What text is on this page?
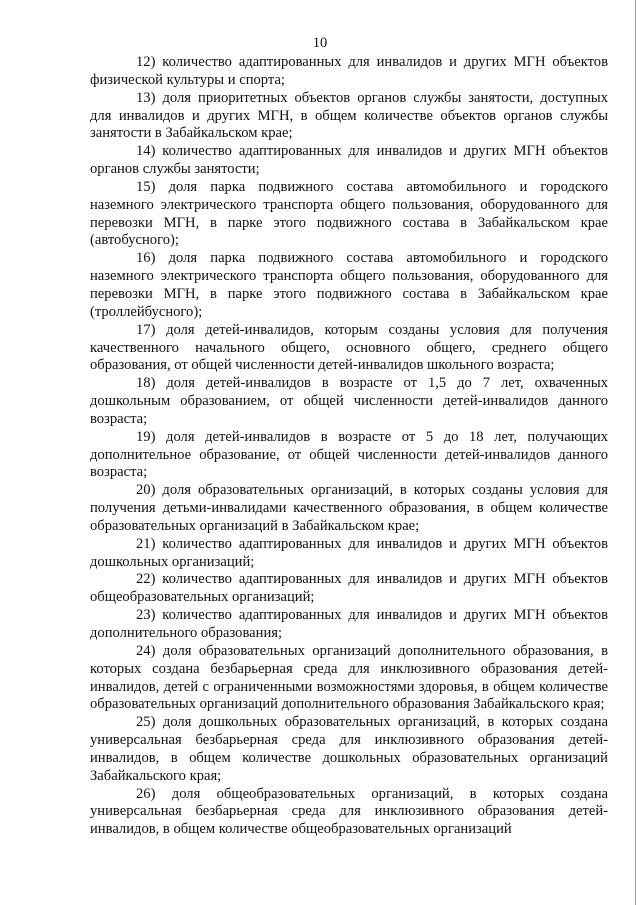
10

12) количество адаптированных для инвалидов и других МГН объектов физической культуры и спорта;

13) доля приоритетных объектов органов службы занятости, доступных для инвалидов и других МГН, в общем количестве объектов органов службы занятости в Забайкальском крае;

14) количество адаптированных для инвалидов и других МГН объектов органов службы занятости;

15) доля парка подвижного состава автомобильного и городского наземного электрического транспорта общего пользования, оборудованного для перевозки МГН, в парке этого подвижного состава в Забайкальском крае (автобусного);

16) доля парка подвижного состава автомобильного и городского наземного электрического транспорта общего пользования, оборудованного для перевозки МГН, в парке этого подвижного состава в Забайкальском крае (троллейбусного);

17) доля детей-инвалидов, которым созданы условия для получения качественного начального общего, основного общего, среднего общего образования, от общей численности детей-инвалидов школьного возраста;

18) доля детей-инвалидов в возрасте от 1,5 до 7 лет, охваченных дошкольным образованием, от общей численности детей-инвалидов данного возраста;

19) доля детей-инвалидов в возрасте от 5 до 18 лет, получающих дополнительное образование, от общей численности детей-инвалидов данного возраста;

20) доля образовательных организаций, в которых созданы условия для получения детьми-инвалидами качественного образования, в общем количестве образовательных организаций в Забайкальском крае;

21) количество адаптированных для инвалидов и других МГН объектов дошкольных организаций;

22) количество адаптированных для инвалидов и других МГН объектов общеобразовательных организаций;

23) количество адаптированных для инвалидов и других МГН объектов дополнительного образования;

24) доля образовательных организаций дополнительного образования, в которых создана безбарьерная среда для инклюзивного образования детей-инвалидов, детей с ограниченными возможностями здоровья, в общем количестве образовательных организаций дополнительного образования Забайкальского края;

25) доля дошкольных образовательных организаций, в которых создана универсальная безбарьерная среда для инклюзивного образования детей-инвалидов, в общем количестве дошкольных образовательных организаций Забайкальского края;

26) доля общеобразовательных организаций, в которых создана универсальная безбарьерная среда для инклюзивного образования детей-инвалидов, в общем количестве общеобразовательных организаций
